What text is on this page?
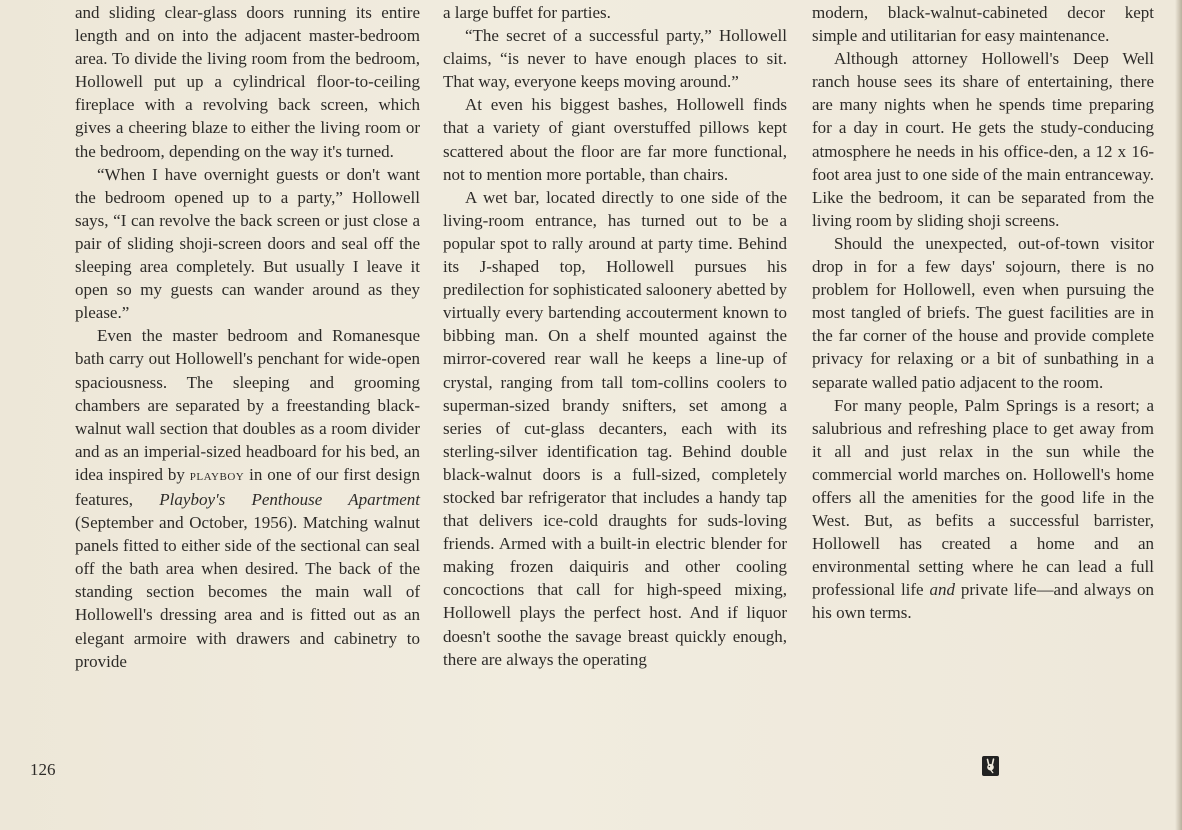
and sliding clear-glass doors running its entire length and on into the adjacent master-bedroom area. To divide the living room from the bedroom, Hollowell put up a cylindrical floor-to-ceiling fireplace with a revolving back screen, which gives a cheering blaze to either the living room or the bedroom, depending on the way it's turned.

“When I have overnight guests or don't want the bedroom opened up to a party,” Hollowell says, “I can revolve the back screen or just close a pair of sliding shoji-screen doors and seal off the sleeping area completely. But usually I leave it open so my guests can wander around as they please.”

Even the master bedroom and Romanesque bath carry out Hollowell's penchant for wide-open spaciousness. The sleeping and grooming chambers are separated by a freestanding black-walnut wall section that doubles as a room divider and as an imperial-sized headboard for his bed, an idea inspired by playboy in one of our first design features, Playboy's Penthouse Apartment (September and October, 1956). Matching walnut panels fitted to either side of the sectional can seal off the bath area when desired. The back of the standing section becomes the main wall of Hollowell's dressing area and is fitted out as an elegant armoire with drawers and cabinetry to provide

a large buffet for parties.

“The secret of a successful party,” Hollowell claims, “is never to have enough places to sit. That way, everyone keeps moving around.”

At even his biggest bashes, Hollowell finds that a variety of giant overstuffed pillows kept scattered about the floor are far more functional, not to mention more portable, than chairs.

A wet bar, located directly to one side of the living-room entrance, has turned out to be a popular spot to rally around at party time. Behind its J-shaped top, Hollowell pursues his predilection for sophisticated saloonery abetted by virtually every bartending accouterment known to bibbing man. On a shelf mounted against the mirror-covered rear wall he keeps a line-up of crystal, ranging from tall tom-collins coolers to superman-sized brandy snifters, set among a series of cut-glass decanters, each with its sterling-silver identification tag. Behind double black-walnut doors is a full-sized, completely stocked bar refrigerator that includes a handy tap that delivers ice-cold draughts for suds-loving friends. Armed with a built-in electric blender for making frozen daiquiris and other cooling concoctions that call for high-speed mixing, Hollowell plays the perfect host. And if liquor doesn't soothe the savage breast quickly enough, there are always the operating

modern, black-walnut-cabineted decor kept simple and utilitarian for easy maintenance.

Although attorney Hollowell's Deep Well ranch house sees its share of entertaining, there are many nights when he spends time preparing for a day in court. He gets the study-conducing atmosphere he needs in his office-den, a 12 x 16-foot area just to one side of the main entranceway. Like the bedroom, it can be separated from the living room by sliding shoji screens.

Should the unexpected, out-of-town visitor drop in for a few days' sojourn, there is no problem for Hollowell, even when pursuing the most tangled of briefs. The guest facilities are in the far corner of the house and provide complete privacy for relaxing or a bit of sunbathing in a separate walled patio adjacent to the room.

For many people, Palm Springs is a resort; a salubrious and refreshing place to get away from it all and just relax in the sun while the commercial world marches on. Hollowell's home offers all the amenities for the good life in the West. But, as befits a successful barrister, Hollowell has created a home and an environmental setting where he can lead a full professional life and private life—and always on his own terms.

126
